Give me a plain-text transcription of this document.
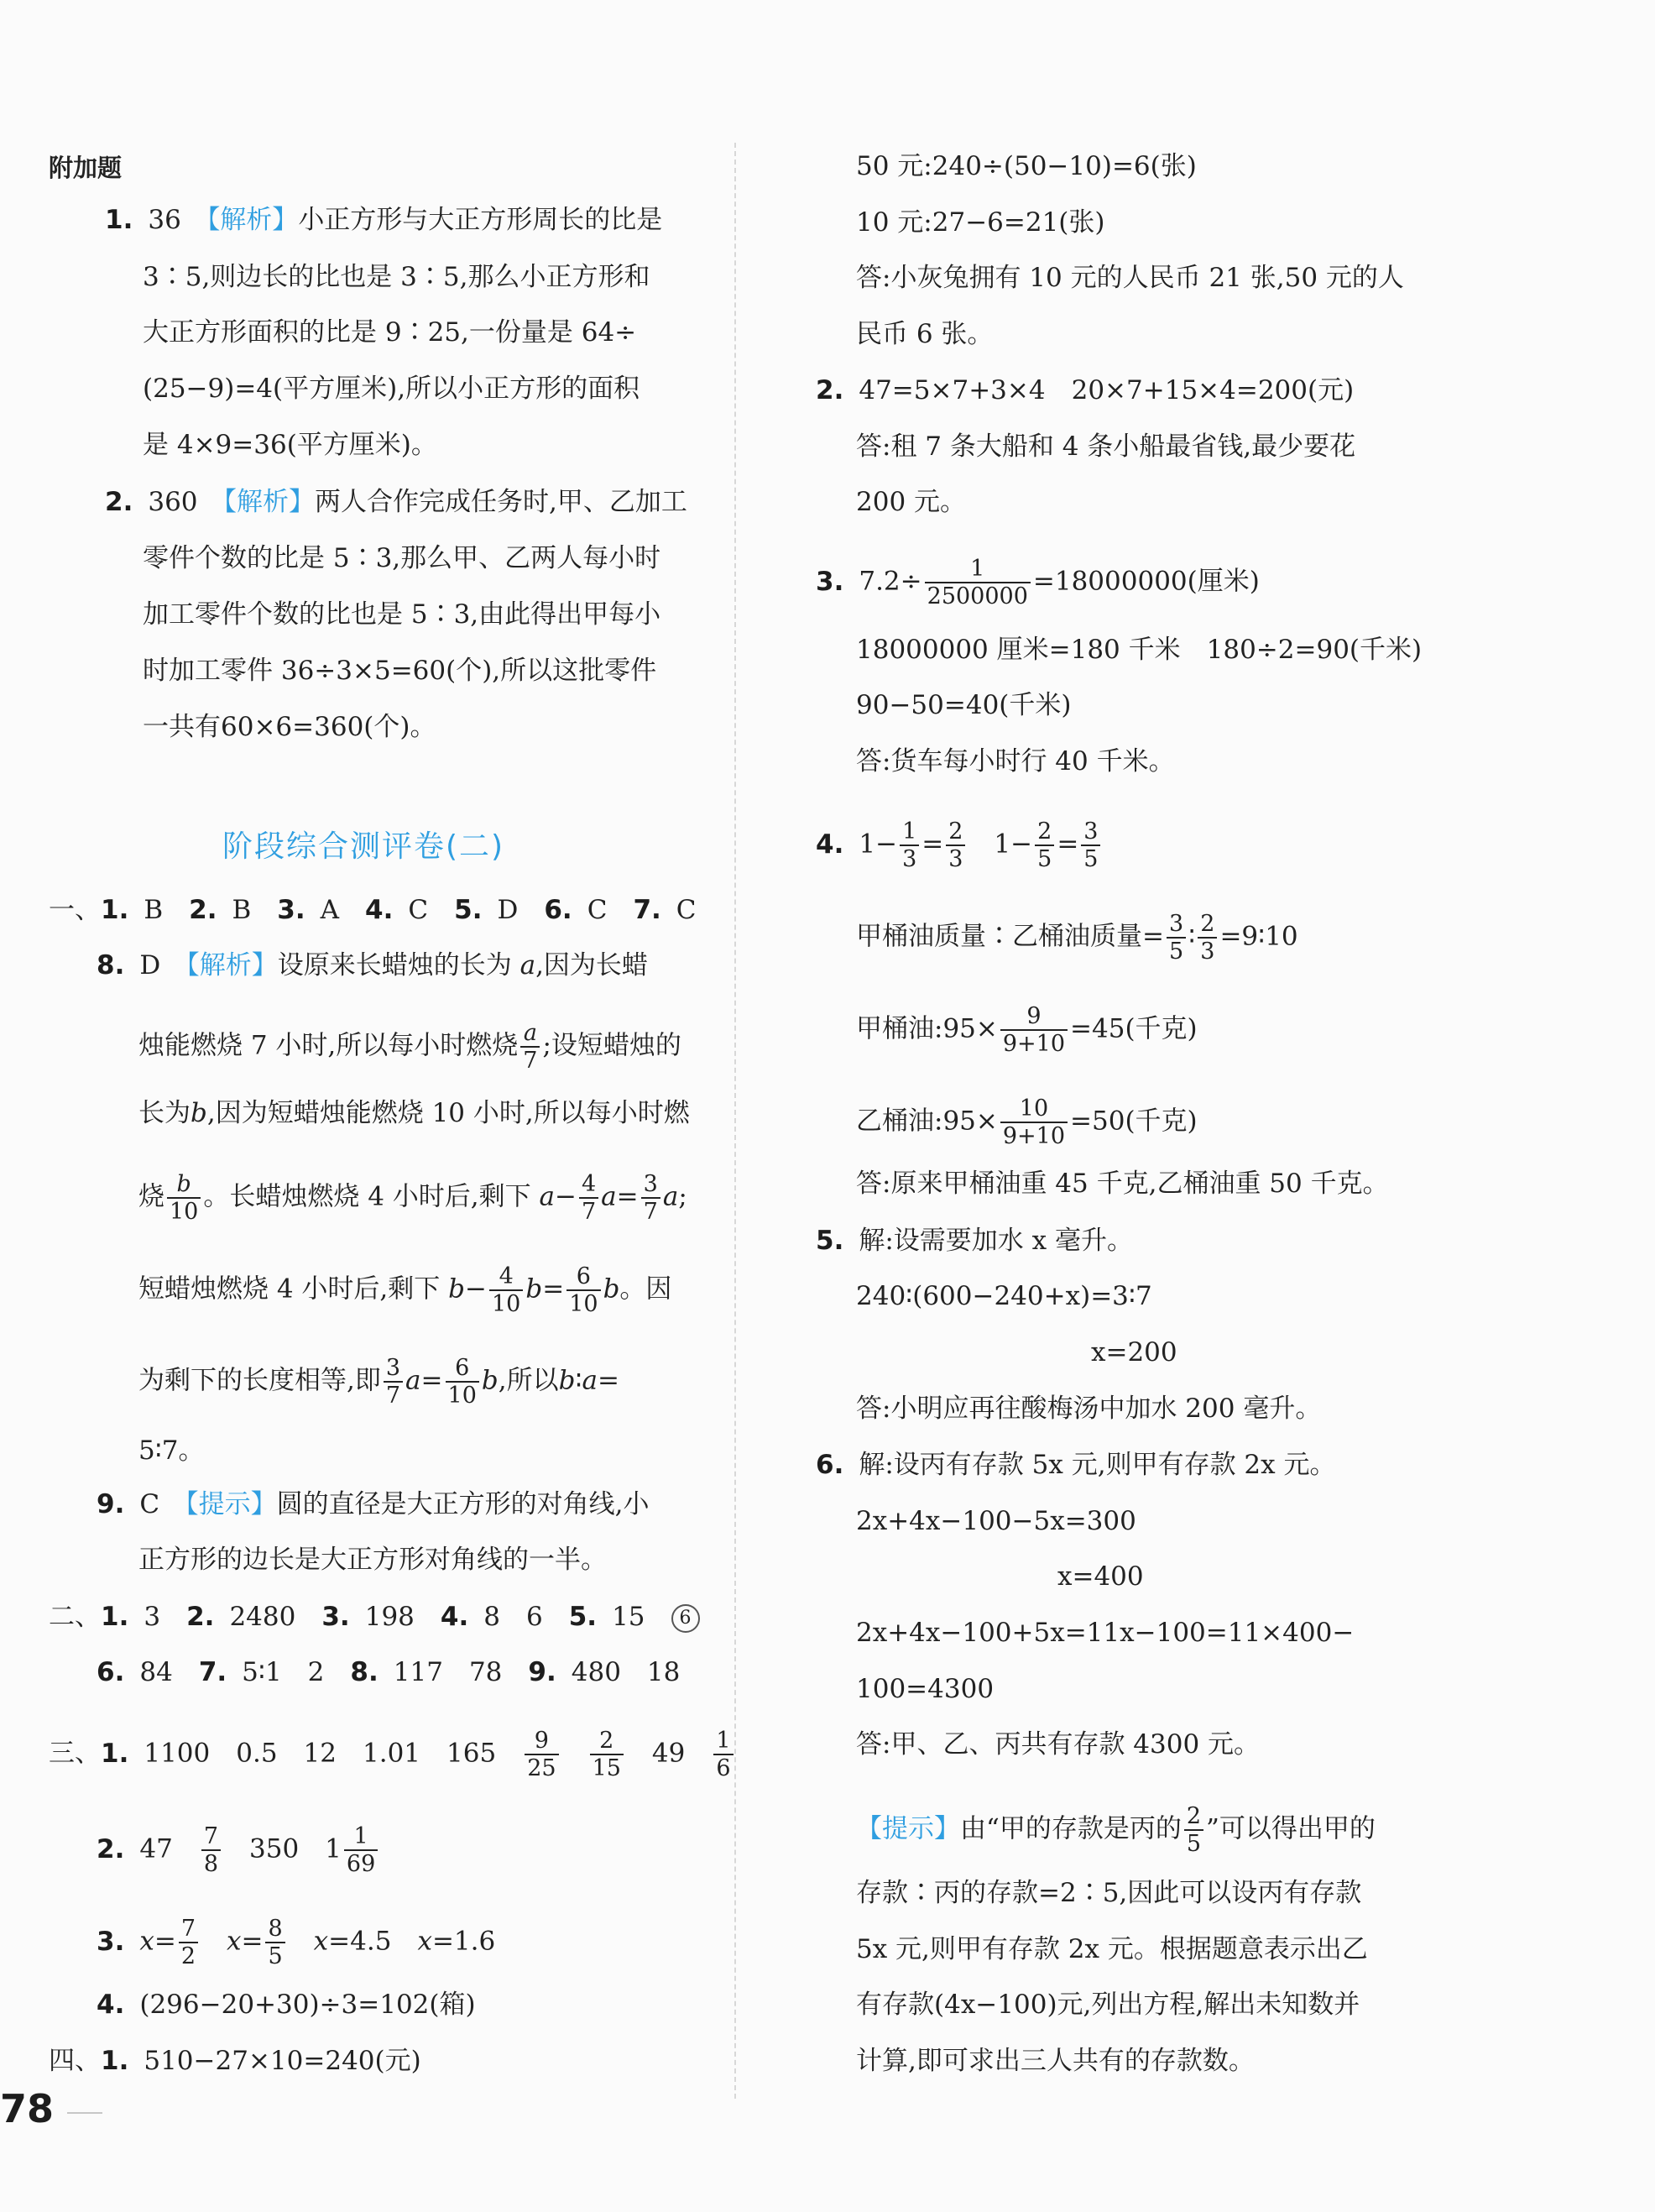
附加题
1. 36　 【解析】小正方形与大正方形周长的比是
3∶5,则边长的比也是 3∶5,那么小正方形和
大正方形面积的比是 9∶25,一份量是 64÷
(25−9)=4(平方厘米),所以小正方形的面积
是 4×9=36(平方厘米)。
2. 360　 【解析】两人合作完成任务时,甲、乙加工
零件个数的比是 5∶3,那么甲、乙两人每小时
加工零件个数的比也是 5∶3,由此得出甲每小
时加工零件 36÷3×5=60(个),所以这批零件
一共有60×6=360(个)。
阶段综合测评卷(二)
一、1. B　 2. B　 3. A　 4. C　 5. D　 6. C　 7. C
8. D　 【解析】设原来长蜡烛的长为 a,因为长蜡
烛能燃烧 7 小时,所以每小时燃烧 $\frac{a}{7}$ ;设短蜡烛的
长为b,因为短蜡烛能燃烧 10 小时,所以每小时燃
烧 $\frac{b}{10}$ 。长蜡烛燃烧 4 小时后,剩下 $a- \frac{4}{7} a= \frac{3}{7} a$;
短蜡烛燃烧 4 小时后,剩下 $b- \frac{4}{10} b= \frac{6}{10}$ b。因
为剩下的长度相等,即 $\frac{3}{7} a= \frac{6}{10} b$,所以b∶a=
5∶7。
9. C　 【提示】圆的直径是大正方形的对角线,小
正方形的边长是大正方形对角线的一半。
二、1. 3　 2. 2480　 3. 198　 4. 8　6　 5. 15　 6
6. 84　 7. 5∶1　2　 8. 117　78　 9. 480　18
三、1. 1100　0.5　12　1.01　165　 $\frac{9}{25}$
　 $\frac{2}{15}$
　 49　 $\frac{1}{6}$
2. 47　 $\frac{7}{8}$
　 350　 $1 \frac{1}{69}$
3. $x= \frac{7}{2}$
　 $x= \frac{8}{5}$
　 x=4.5　 x=1.6
4. (296−20+30)÷3=102(箱)
四、1. 510−27×10=240(元)
78
50 元:240÷(50−10)=6(张)
10 元:27−6=21(张)
答:小灰兔拥有 10 元的人民币 21 张,50 元的人
民币 6 张。
2. 47=5×7+3×4　20×7+15×4=200(元)
答:租 7 条大船和 4 条小船最省钱,最少要花
200 元。
3. $7.2\div \frac{1}{2500000} =18000000$(厘米)
18000000 厘米=180 千米　180÷2=90(千米)
90−50=40(千米)
答:货车每小时行 40 千米。
4. $1- \frac{1}{3} = \frac{2}{3}$
　 $1- \frac{2}{5} = \frac{3}{5}$
甲桶油质量∶乙桶油质量= $\frac{3}{5}$ ∶ $\frac{2}{3}$ =9∶10
甲桶油:95× $\frac{9}{9+10} =45$(千克)
乙桶油:95× $\frac{10}{9+10} =50$(千克)
答:原来甲桶油重 45 千克,乙桶油重 50 千克。
5. 解:设需要加水 x 毫升。
240∶(600−240+x)=3∶7
x=200
答:小明应再往酸梅汤中加水 200 毫升。
6. 解:设丙有存款 5x 元,则甲有存款 2x 元。
2x+4x−100−5x=300
x=400
2x+4x−100+5x=11x−100=11×400−
100=4300
答:甲、乙、丙共有存款 4300 元。
【提示】由“甲的存款是丙的 $\frac{2}{5}$ ”可以得出甲的
存款∶丙的存款=2∶5,因此可以设丙有存款
5x 元,则甲有存款 2x 元。根据题意表示出乙
有存款(4x−100)元,列出方程,解出未知数并
计算,即可求出三人共有的存款数。
